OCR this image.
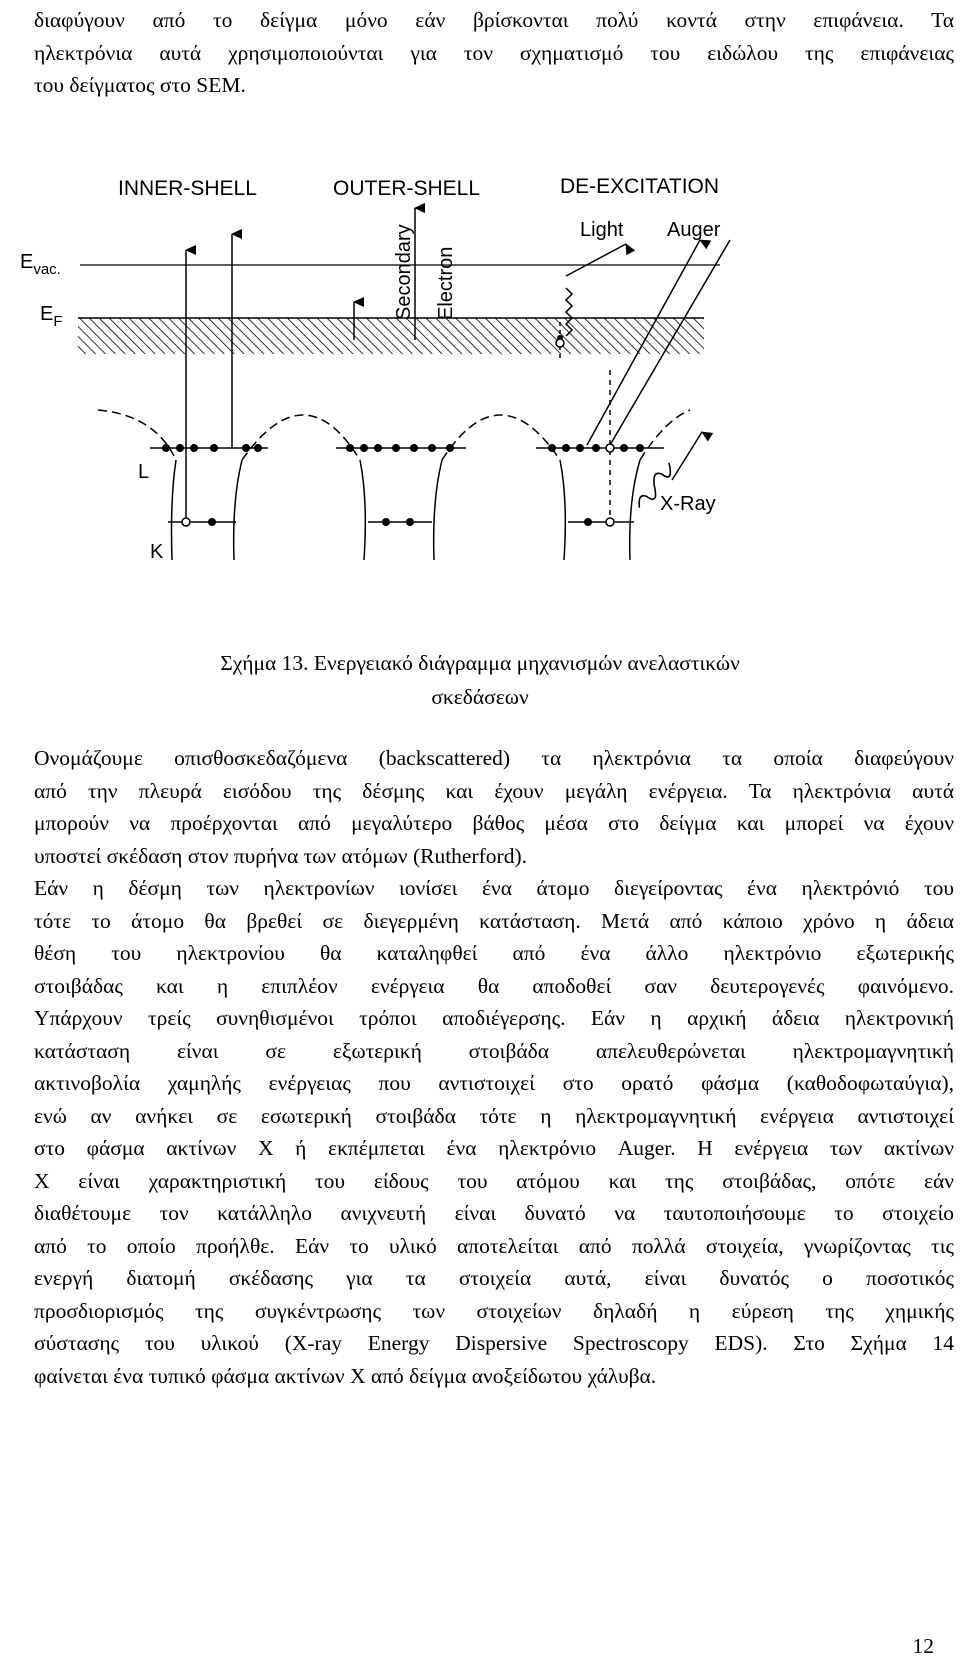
διαφύγουν από το δείγμα μόνο εάν βρίσκονται πολύ κοντά στην επιφάνεια. Τα
ηλεκτρόνια αυτά χρησιμοποιούνται για τον σχηματισμό του ειδώλου της επιφάνειας
του δείγματος στο SEM.
INNER-SHELL	OUTER-SHELL	DE-EXCITATION
Light Auger
$E_{vac.}$
$E_F$
Secondary Electron
X-Ray
L
K
Σχήμα 13. Ενεργειακό διάγραμμα μηχανισμών ανελαστικών
σκεδάσεων
Ονομάζουμε οπισθοσκεδαζόμενα (backscattered) τα ηλεκτρόνια τα οποία διαφεύγουν
από την πλευρά εισόδου της δέσμης και έχουν μεγάλη ενέργεια. Τα ηλεκτρόνια αυτά
μπορούν να προέρχονται από μεγαλύτερο βάθος μέσα στο δείγμα και μπορεί να έχουν
υποστεί σκέδαση στον πυρήνα των ατόμων (Rutherford).
Εάν η δέσμη των ηλεκτρονίων ιονίσει ένα άτομο διεγείροντας ένα ηλεκτρόνιό του
τότε το άτομο θα βρεθεί σε διεγερμένη κατάσταση. Μετά από κάποιο χρόνο η άδεια
θέση του ηλεκτρονίου θα καταληφθεί από ένα άλλο ηλεκτρόνιο εξωτερικής
στοιβάδας και η επιπλέον ενέργεια θα αποδοθεί σαν δευτερογενές φαινόμενο.
Υπάρχουν τρείς συνηθισμένοι τρόποι αποδιέγερσης. Εάν η αρχική άδεια ηλεκτρονική
κατάσταση είναι σε εξωτερική στοιβάδα απελευθερώνεται ηλεκτρομαγνητική
ακτινοβολία χαμηλής ενέργειας που αντιστοιχεί στο ορατό φάσμα (καθοδοφωταύγια),
ενώ αν ανήκει σε εσωτερική στοιβάδα τότε η ηλεκτρομαγνητική ενέργεια αντιστοιχεί
στο φάσμα ακτίνων Χ ή εκπέμπεται ένα ηλεκτρόνιο Auger. Η ενέργεια των ακτίνων
Χ είναι χαρακτηριστική του είδους του ατόμου και της στοιβάδας, οπότε εάν
διαθέτουμε τον κατάλληλο ανιχνευτή είναι δυνατό να ταυτοποιήσουμε το στοιχείο
από το οποίο προήλθε. Εάν το υλικό αποτελείται από πολλά στοιχεία, γνωρίζοντας τις
ενεργή διατομή σκέδασης για τα στοιχεία αυτά, είναι δυνατός ο ποσοτικός
προσδιορισμός της συγκέντρωσης των στοιχείων δηλαδή η εύρεση της χημικής
σύστασης του υλικού (X-ray Energy Dispersive Spectroscopy EDS). Στο Σχήμα 14
φαίνεται ένα τυπικό φάσμα ακτίνων Χ από δείγμα ανοξείδωτου χάλυβα.
12
